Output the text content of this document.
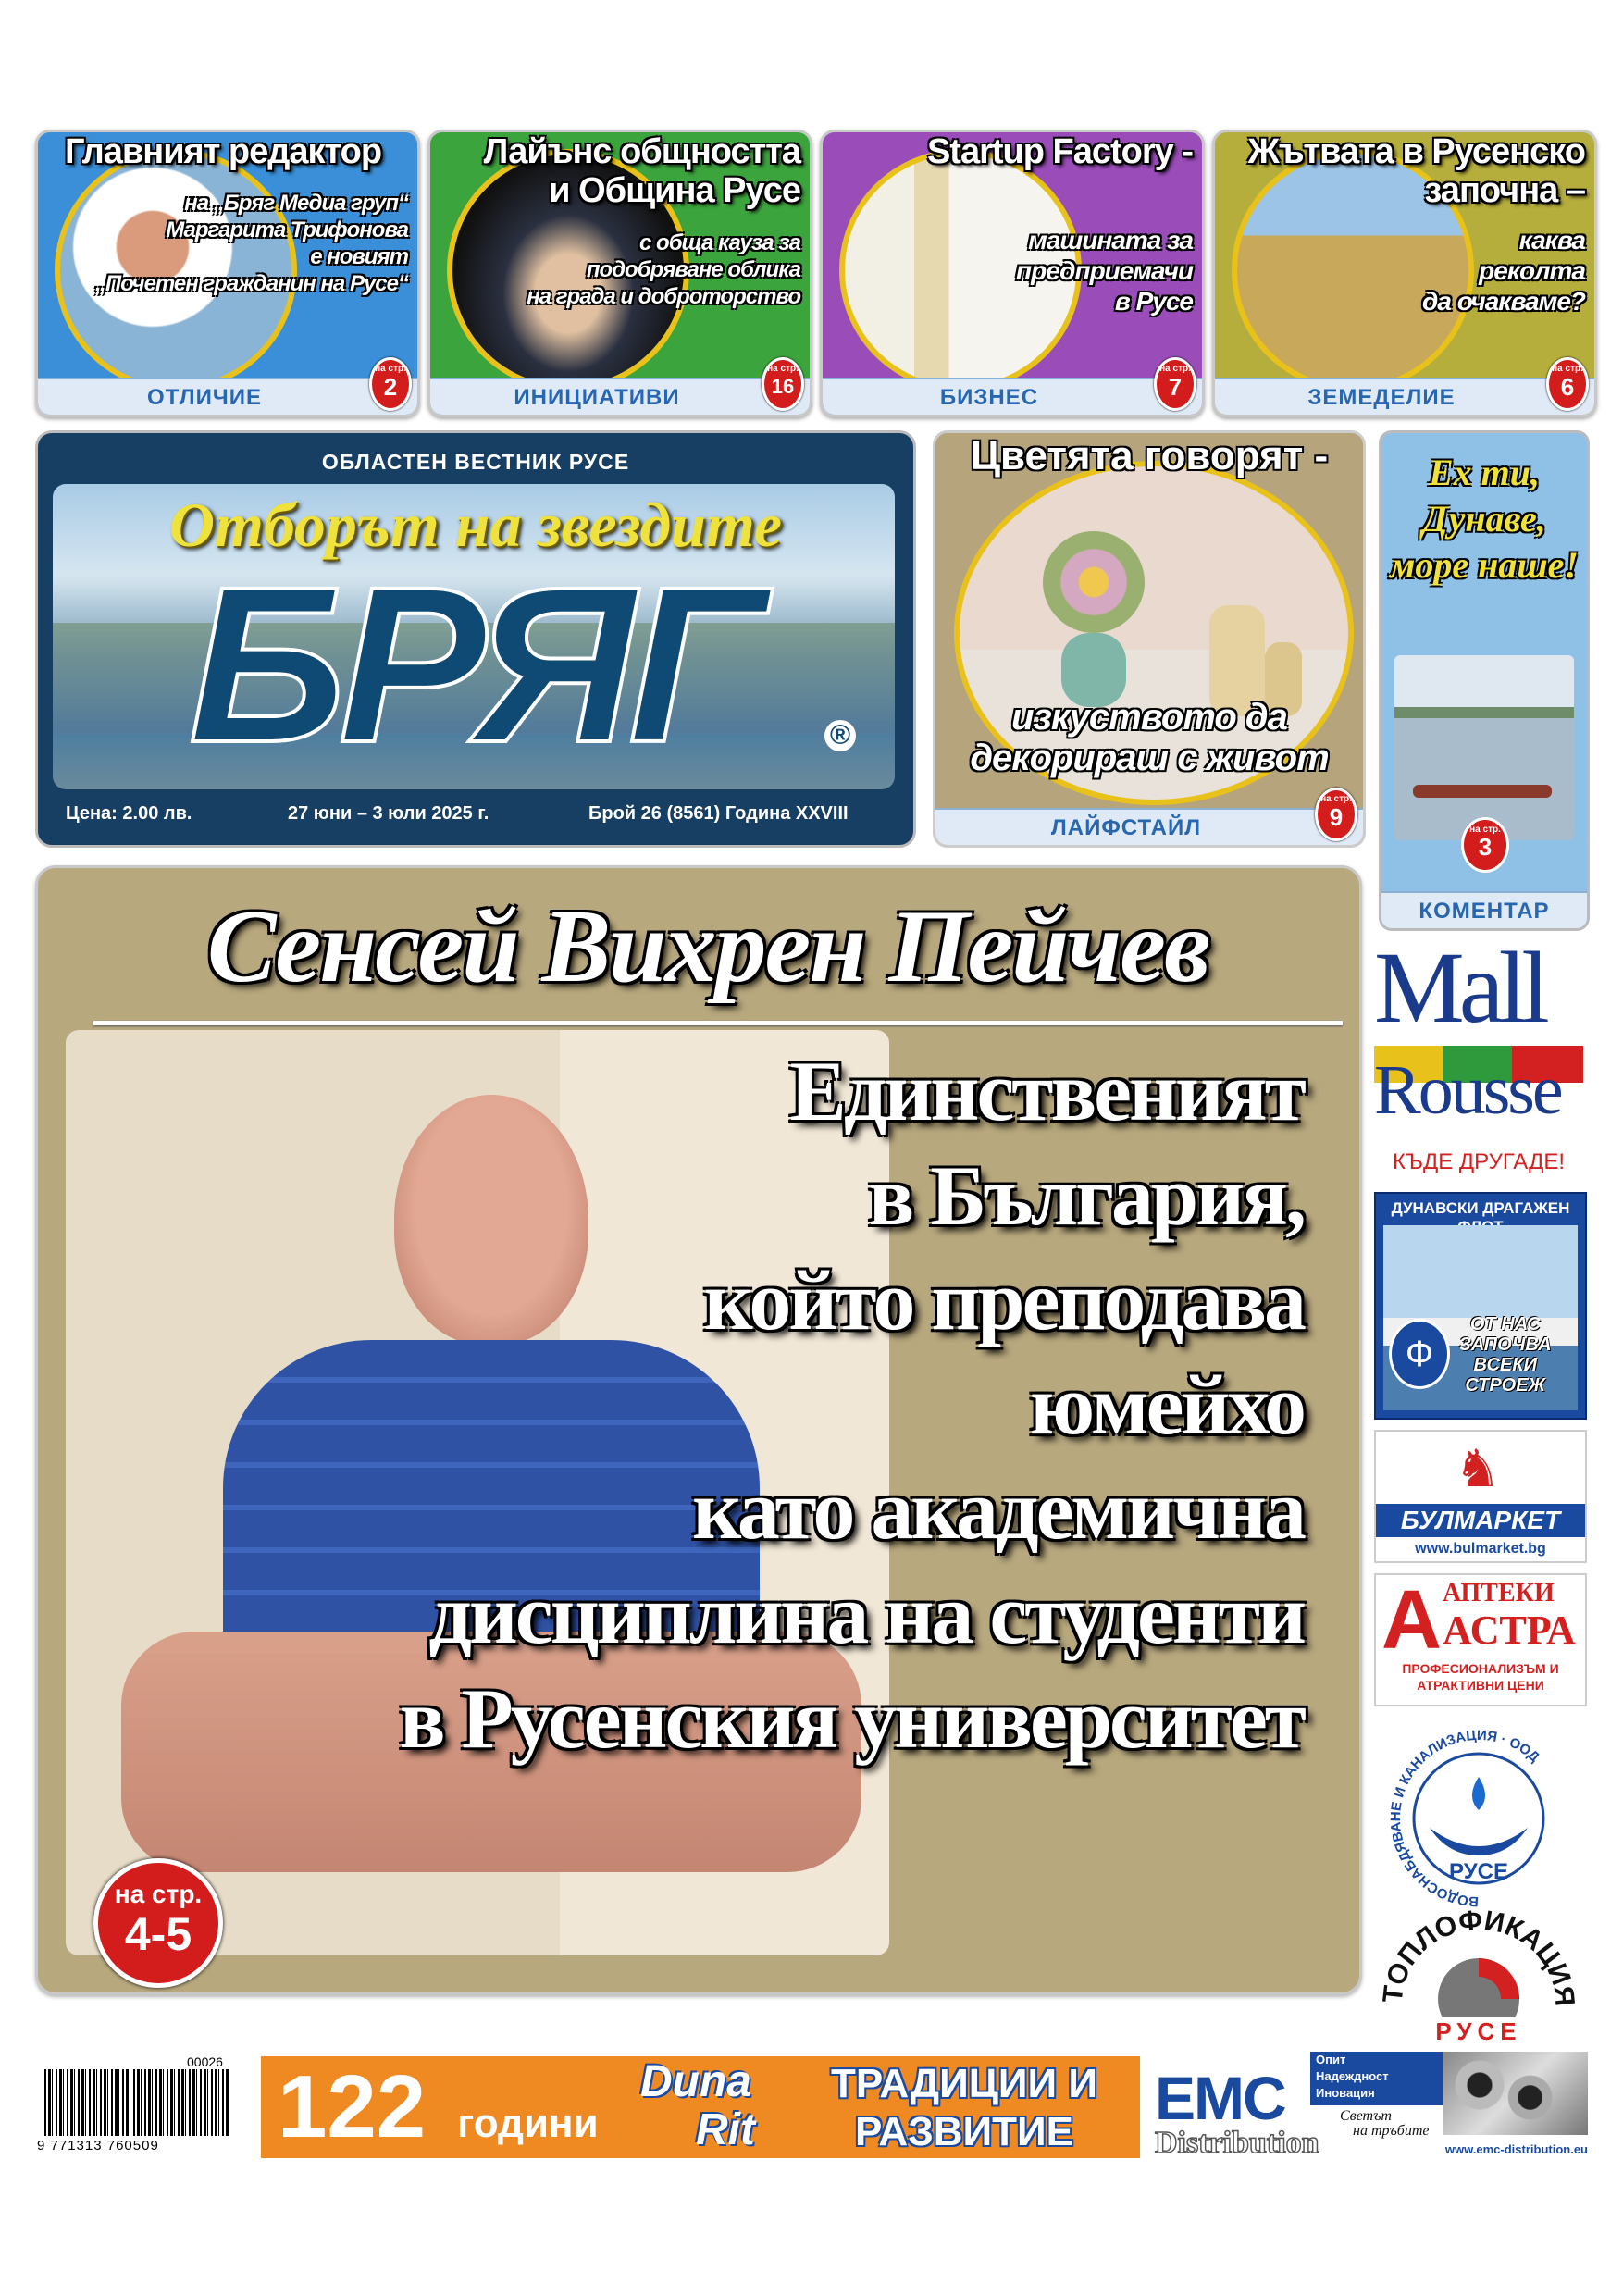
Главният редактор
на „Бряг Медиа груп“
Маргарита Трифонова
е новият
„Почетен гражданин на Русе“
ОТЛИЧИЕ
на стр.
2
Лайънс общността
и Община Русе
с обща кауза за
подобряване облика
на града и доброторство
ИНИЦИАТИВИ
на стр.
16
Startup Factory -
машината за
предприемачи
в Русе
БИЗНЕС
на стр.
7
Жътвата в Русенско
започна –
каква
реколта
да очакваме?
ЗЕМЕДЕЛИЕ
на стр.
6
ОБЛАСТЕН ВЕСТНИК РУСЕ
Отборът на звездите
БРЯГ	®
Цена: 2.00 лв.	27 юни – 3 юли 2025 г.	Брой 26 (8561) Година XXVIII
Цветята говорят -
изкуството да
декорираш с живот
ЛАЙФСТАЙЛ
на стр.
9
Ех ти,
Дунаве,
море наше!
на стр.
3
КОМЕНТАР
Сенсей Вихрен Пейчев
Единственият
в България,
който преподава
юмейхо
като академична
дисциплина на студенти
в Русенския университет
на стр.
4-5
Mall
Rousse
КЪДЕ ДРУГАДЕ!
ДУНАВСКИ ДРАГАЖЕН
Ф
ОТ НАС
ЗАПОЧВА
ВСЕКИ
СТРОЕЖ
♞
БУЛМАРКЕТ
www.bulmarket.bg
А АПТЕКИ
АСТРА
ПРОФЕСИОНАЛИЗЪМ И
АТРАКТИВНИ ЦЕНИ
ВОДОСНАБДЯВАНЕ И КАНАЛИЗАЦИЯ · ООД
РУСЕ
ТОПЛОФИКАЦИЯ
РУСЕ
00026
9 771313 760509 122 години
Duna
Rit
ТРАДИЦИИ И
РАЗВИТИЕ	EMC
Distribution
Опит
Надеждност
Иновация
Светът
на тръбите
www.emc-distribution.eu
